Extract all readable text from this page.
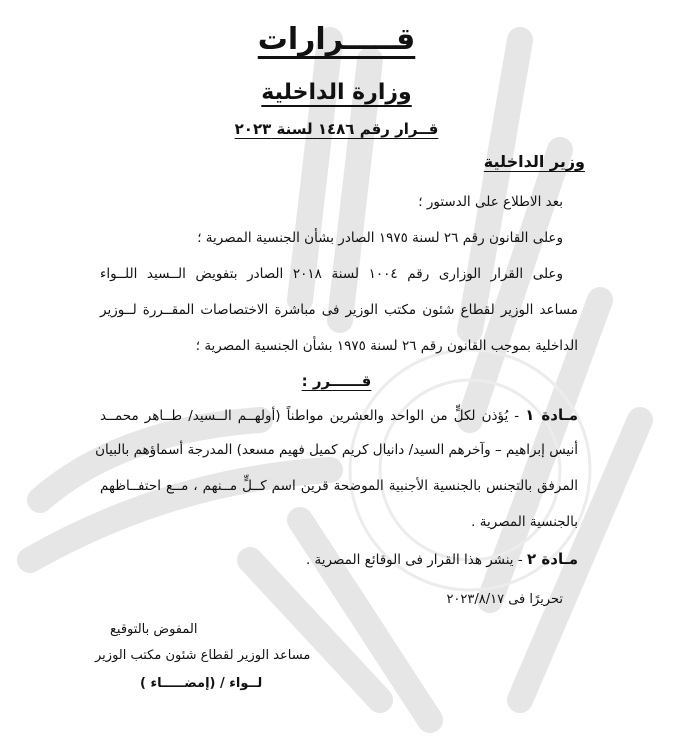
قـــــرارات
وزارة الداخلية
قــرار رقم ١٤٨٦ لسنة ٢٠٢٣
وزير الداخلية
بعد الاطلاع على الدستور ؛
وعلى القانون رقم ٢٦ لسنة ١٩٧٥ الصادر بشأن الجنسية المصرية ؛
وعلى القرار الوزارى رقم ١٠٠٤ لسنة ٢٠١٨ الصادر بتفويض الــسيد اللــواء
مساعد الوزير لقطاع شئون مكتب الوزير فى مباشرة الاختصاصات المقــررة لــوزير
الداخلية بموجب القانون رقم ٢٦ لسنة ١٩٧٥ بشأن الجنسية المصرية ؛
قــــــرر :
مـادة ١ - يُؤذن لكلٍّ من الواحد والعشرين مواطناً (أولهــم الــسيد/ طــاهر محمــد
أنيس إبراهيم – وآخرهم السيد/ دانيال كريم كميل فهيم مسعد) المدرجة أسماؤهم بالبيان
المرفق بالتجنس بالجنسية الأجنبية الموضحة قرين اسم كــلٍّ مــنهم ، مــع احتفــاظهم
بالجنسية المصرية .
مـادة ٢ - ينشر هذا القرار فى الوقائع المصرية .
تحريرًا فى ٢٠٢٣/٨/١٧
المفوض بالتوقيع
مساعد الوزير لقطاع شئون مكتب الوزير
لــواء / (إمضـــــاء )
